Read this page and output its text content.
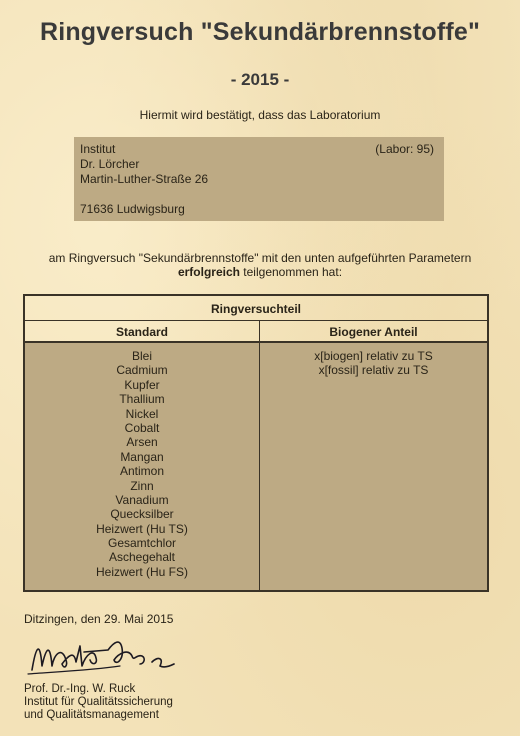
Ringversuch "Sekundärbrennstoffe"
- 2015 -
Hiermit wird bestätigt, dass das Laboratorium
Institut	(Labor: 95)
Dr. Lörcher
Martin-Luther-Straße 26
71636 Ludwigsburg
am Ringversuch "Sekundärbrennstoffe" mit den unten aufgeführten Parametern
erfolgreich teilgenommen hat:
Ringversuchteil
Standard	Biogener Anteil
Blei
Cadmium
Kupfer
Thallium
Nickel
Cobalt
Arsen
Mangan
Antimon
Zinn
Vanadium
Quecksilber
Heizwert (Hu TS)
Gesamtchlor
Aschegehalt
Heizwert (Hu FS)
x[biogen] relativ zu TS
x[fossil] relativ zu TS
Ditzingen, den 29. Mai 2015
Prof. Dr.-Ing. W. Ruck
Institut für Qualitätssicherung
und Qualitätsmanagement
